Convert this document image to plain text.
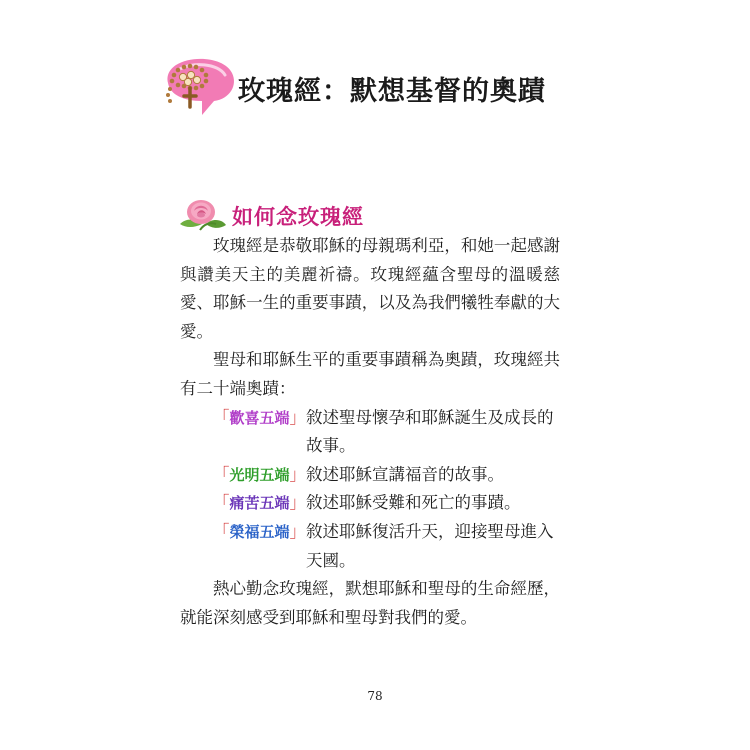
玫瑰經：默想基督的奧蹟
如何念玫瑰經

玫瑰經是恭敬耶穌的母親瑪利亞，和她一起感謝與讚美天主的美麗祈禱。玫瑰經蘊含聖母的溫暖慈愛、耶穌一生的重要事蹟，以及為我們犧牲奉獻的大愛。

聖母和耶穌生平的重要事蹟稱為奧蹟，玫瑰經共有二十端奧蹟：

「歡喜五端」 敘述聖母懷孕和耶穌誕生及成長的故事。
「光明五端」 敘述耶穌宣講福音的故事。
「痛苦五端」 敘述耶穌受難和死亡的事蹟。
「榮福五端」 敘述耶穌復活升天，迎接聖母進入天國。

熱心勤念玫瑰經，默想耶穌和聖母的生命經歷，就能深刻感受到耶穌和聖母對我們的愛。

78
